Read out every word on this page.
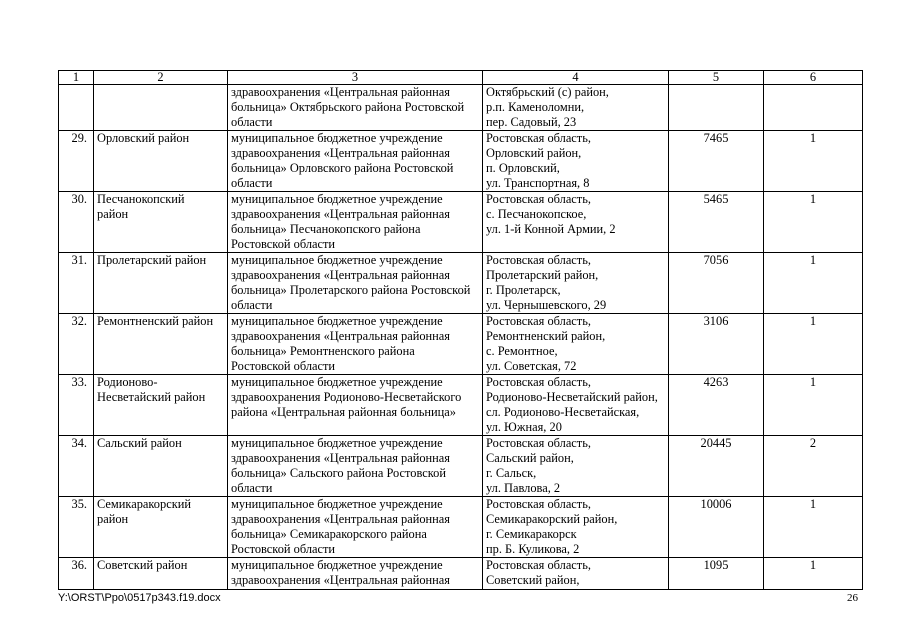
1	2	3	4	5	6
		здравоохранения «Центральная районная
больница» Октябрьского района Ростовской
области	Октябрьский (с) район,
р.п. Каменоломни,
пер. Садовый, 23		
29.	Орловский район	муниципальное бюджетное учреждение
здравоохранения «Центральная районная
больница» Орловского района Ростовской
области	Ростовская область,
Орловский район,
п. Орловский,
ул. Транспортная, 8	7465	1
30.	Песчанокопский
район	муниципальное бюджетное учреждение
здравоохранения «Центральная районная
больница» Песчанокопского района
Ростовской области	Ростовская область,
с. Песчанокопское,
ул. 1-й Конной Армии, 2	5465	1
31.	Пролетарский район	муниципальное бюджетное учреждение
здравоохранения «Центральная районная
больница» Пролетарского района Ростовской
области	Ростовская область,
Пролетарский район,
г. Пролетарск,
ул. Чернышевского, 29	7056	1
32.	Ремонтненский район	муниципальное бюджетное учреждение
здравоохранения «Центральная районная
больница» Ремонтненского района
Ростовской области	Ростовская область,
Ремонтненский район,
с. Ремонтное,
ул. Советская, 72	3106	1
33.	Родионово-
Несветайский район	муниципальное бюджетное учреждение
здравоохранения Родионово-Несветайского
района «Центральная районная больница»	Ростовская область,
Родионово-Несветайский район,
сл. Родионово-Несветайская,
ул. Южная, 20	4263	1
34.	Сальский район	муниципальное бюджетное учреждение
здравоохранения «Центральная районная
больница» Сальского района Ростовской
области	Ростовская область,
Сальский район,
г. Сальск,
ул. Павлова, 2	20445	2
35.	Семикаракорский
район	муниципальное бюджетное учреждение
здравоохранения «Центральная районная
больница» Семикаракорского района
Ростовской области	Ростовская область,
Семикаракорский район,
г. Семикаракорск
пр. Б. Куликова, 2	10006	1
36.	Советский район	муниципальное бюджетное учреждение
здравоохранения «Центральная районная	Ростовская область,
Советский район,	1095	1
Y:\ORST\Ppo\0517p343.f19.docx	26
